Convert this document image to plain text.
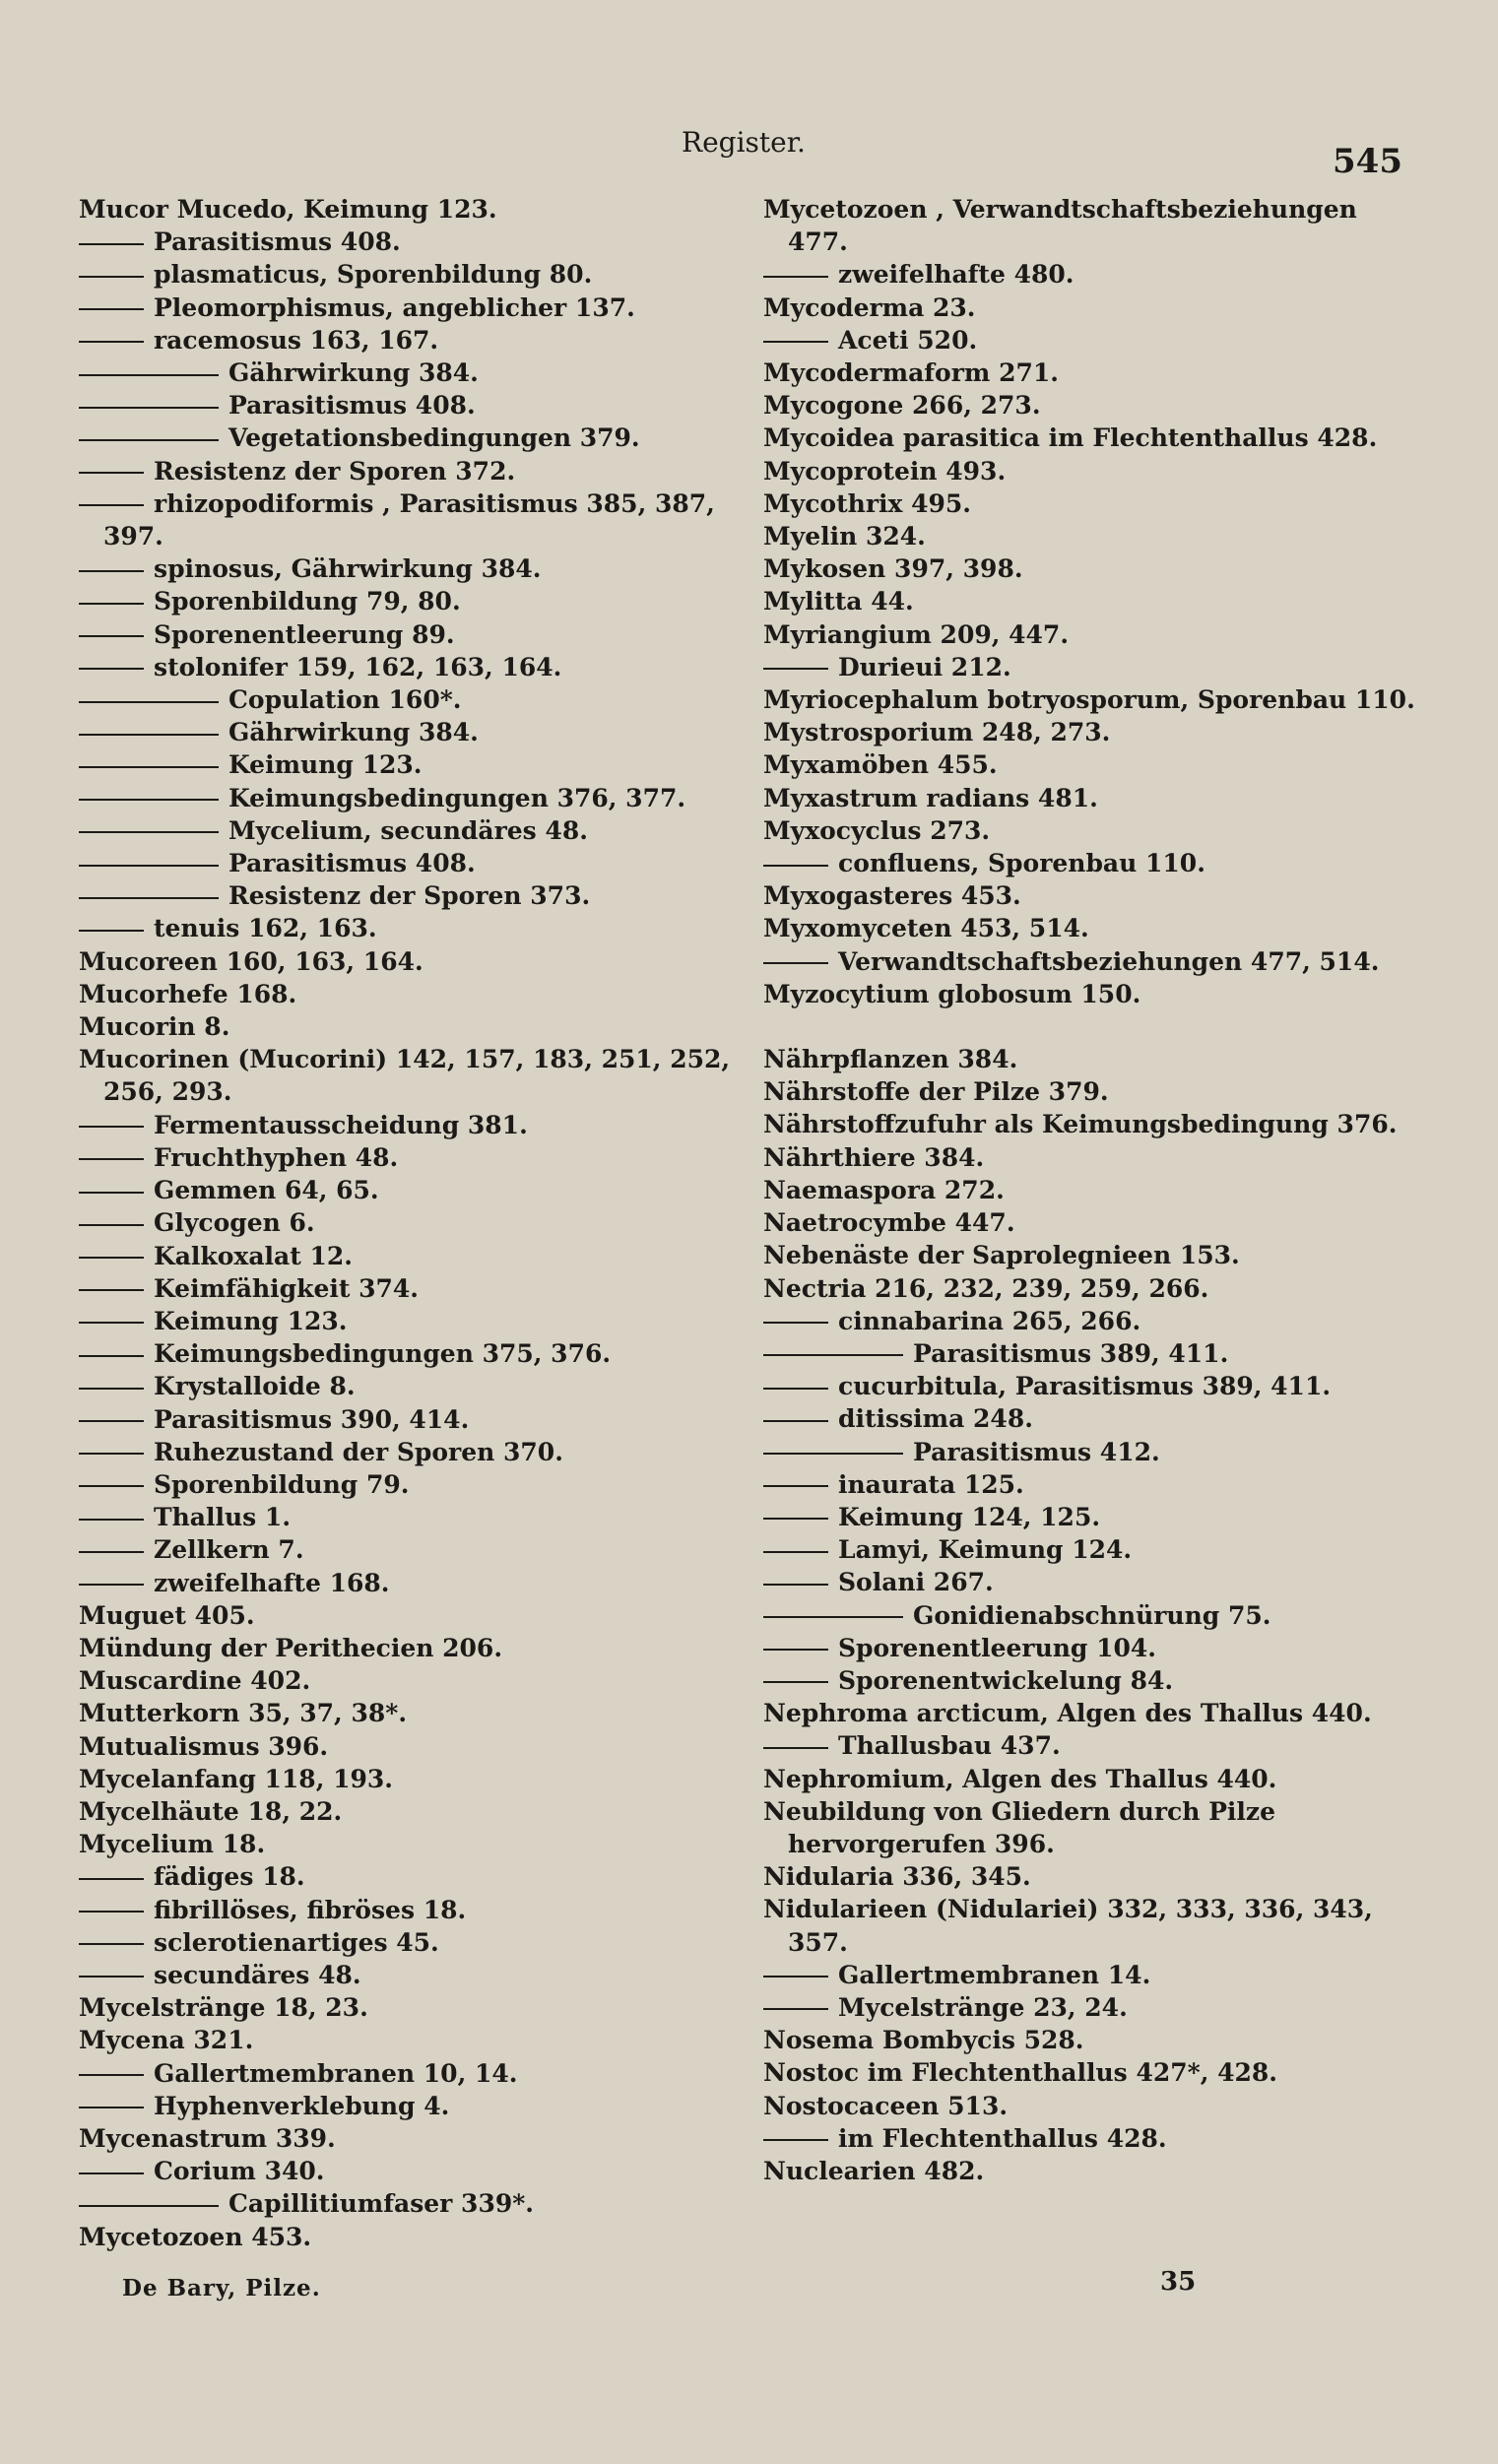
Register.	545
Mucor Mucedo, Keimung 123.
Parasitismus 408.
plasmaticus, Sporenbildung 80.
Pleomorphismus, angeblicher 137.
racemosus 163, 167.
Gährwirkung 384.
Parasitismus 408.
Vegetationsbedingungen 379.
Resistenz der Sporen 372.
rhizopodiformis , Parasitismus 385, 387, 397.
spinosus, Gährwirkung 384.
Sporenbildung 79, 80.
Sporenentleerung 89.
stolonifer 159, 162, 163, 164.
Copulation 160*.
Gährwirkung 384.
Keimung 123.
Keimungsbedingungen 376, 377.
Mycelium, secundäres 48.
Parasitismus 408.
Resistenz der Sporen 373.
tenuis 162, 163.
Mucoreen 160, 163, 164.
Mucorhefe 168.
Mucorin 8.
Mucorinen (Mucorini) 142, 157, 183, 251, 252, 256, 293.
Fermentausscheidung 381.
Fruchthyphen 48.
Gemmen 64, 65.
Glycogen 6.
Kalkoxalat 12.
Keimfähigkeit 374.
Keimung 123.
Keimungsbedingungen 375, 376.
Krystalloide 8.
Parasitismus 390, 414.
Ruhezustand der Sporen 370.
Sporenbildung 79.
Thallus 1.
Zellkern 7.
zweifelhafte 168.
Muguet 405.
Mündung der Perithecien 206.
Muscardine 402.
Mutterkorn 35, 37, 38*.
Mutualismus 396.
Mycelanfang 118, 193.
Mycelhäute 18, 22.
Mycelium 18.
fädiges 18.
fibrillöses, fibröses 18.
sclerotienartiges 45.
secundäres 48.
Mycelstränge 18, 23.
Mycena 321.
Gallertmembranen 10, 14.
Hyphenverklebung 4.
Mycenastrum 339.
Corium 340.
Capillitiumfaser 339*.
Mycetozoen 453.
Mycetozoen , Verwandtschaftsbeziehungen 477.
zweifelhafte 480.
Mycoderma 23.
Aceti 520.
Mycodermaform 271.
Mycogone 266, 273.
Mycoidea parasitica im Flechtenthallus 428.
Mycoprotein 493.
Mycothrix 495.
Myelin 324.
Mykosen 397, 398.
Mylitta 44.
Myriangium 209, 447.
Durieui 212.
Myriocephalum botryosporum, Sporenbau 110.
Mystrosporium 248, 273.
Myxamöben 455.
Myxastrum radians 481.
Myxocyclus 273.
confluens, Sporenbau 110.
Myxogasteres 453.
Myxomyceten 453, 514.
Verwandtschaftsbeziehungen 477, 514.
Myzocytium globosum 150.
Nährpflanzen 384.
Nährstoffe der Pilze 379.
Nährstoffzufuhr als Keimungsbedingung 376.
Nährthiere 384.
Naemaspora 272.
Naetrocymbe 447.
Nebenäste der Saprolegnieen 153.
Nectria 216, 232, 239, 259, 266.
cinnabarina 265, 266.
Parasitismus 389, 411.
cucurbitula, Parasitismus 389, 411.
ditissima 248.
Parasitismus 412.
inaurata 125.
Keimung 124, 125.
Lamyi, Keimung 124.
Solani 267.
Gonidienabschnürung 75.
Sporenentleerung 104.
Sporenentwickelung 84.
Nephroma arcticum, Algen des Thallus 440.
Thallusbau 437.
Nephromium, Algen des Thallus 440.
Neubildung von Gliedern durch Pilze hervorgerufen 396.
Nidularia 336, 345.
Nidularieen (Nidulariei) 332, 333, 336, 343, 357.
Gallertmembranen 14.
Mycelstränge 23, 24.
Nosema Bombycis 528.
Nostoc im Flechtenthallus 427*, 428.
Nostocaceen 513.
im Flechtenthallus 428.
Nuclearien 482.
De Bary, Pilze.	35
